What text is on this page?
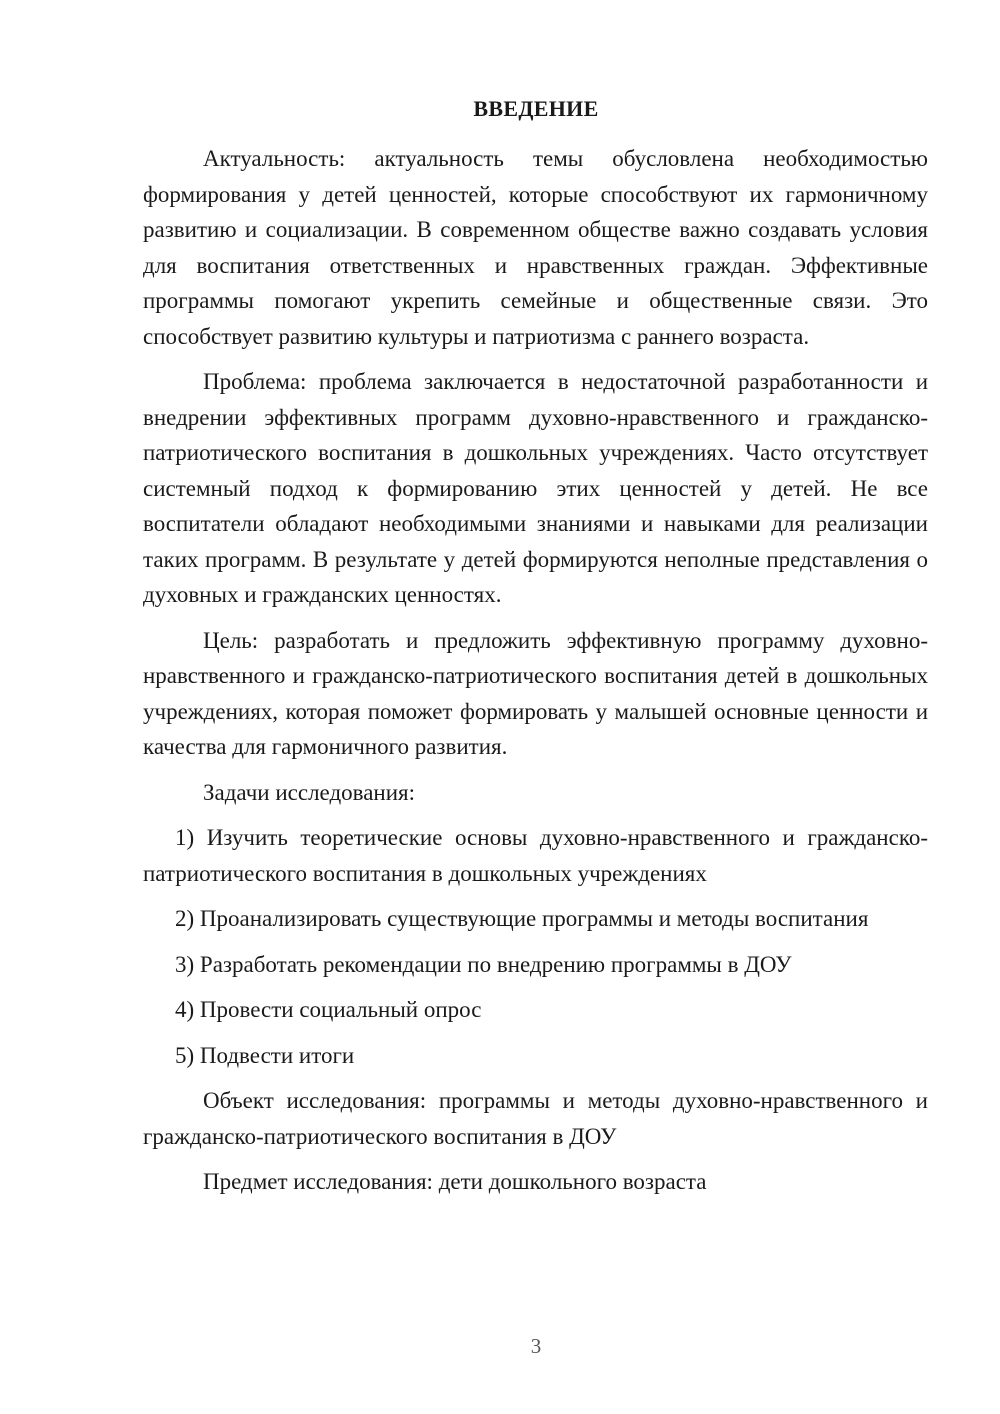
ВВЕДЕНИЕ

Актуальность: актуальность темы обусловлена необходимостью формирования у детей ценностей, которые способствуют их гармоничному развитию и социализации. В современном обществе важно создавать условия для воспитания ответственных и нравственных граждан. Эффективные программы помогают укрепить семейные и общественные связи. Это способствует развитию культуры и патриотизма с раннего возраста.

Проблема: проблема заключается в недостаточной разработанности и внедрении эффективных программ духовно-нравственного и гражданско-патриотического воспитания в дошкольных учреждениях. Часто отсутствует системный подход к формированию этих ценностей у детей. Не все воспитатели обладают необходимыми знаниями и навыками для реализации таких программ. В результате у детей формируются неполные представления о духовных и гражданских ценностях.

Цель: разработать и предложить эффективную программу духовно-нравственного и гражданско-патриотического воспитания детей в дошкольных учреждениях, которая поможет формировать у малышей основные ценности и качества для гармоничного развития.

Задачи исследования:

1) Изучить теоретические основы духовно-нравственного и гражданско-патриотического воспитания в дошкольных учреждениях

2) Проанализировать существующие программы и методы воспитания

3) Разработать рекомендации по внедрению программы в ДОУ

4) Провести социальный опрос

5) Подвести итоги

Объект исследования: программы и методы духовно-нравственного и гражданско-патриотического воспитания в ДОУ

Предмет исследования: дети дошкольного возраста

3
